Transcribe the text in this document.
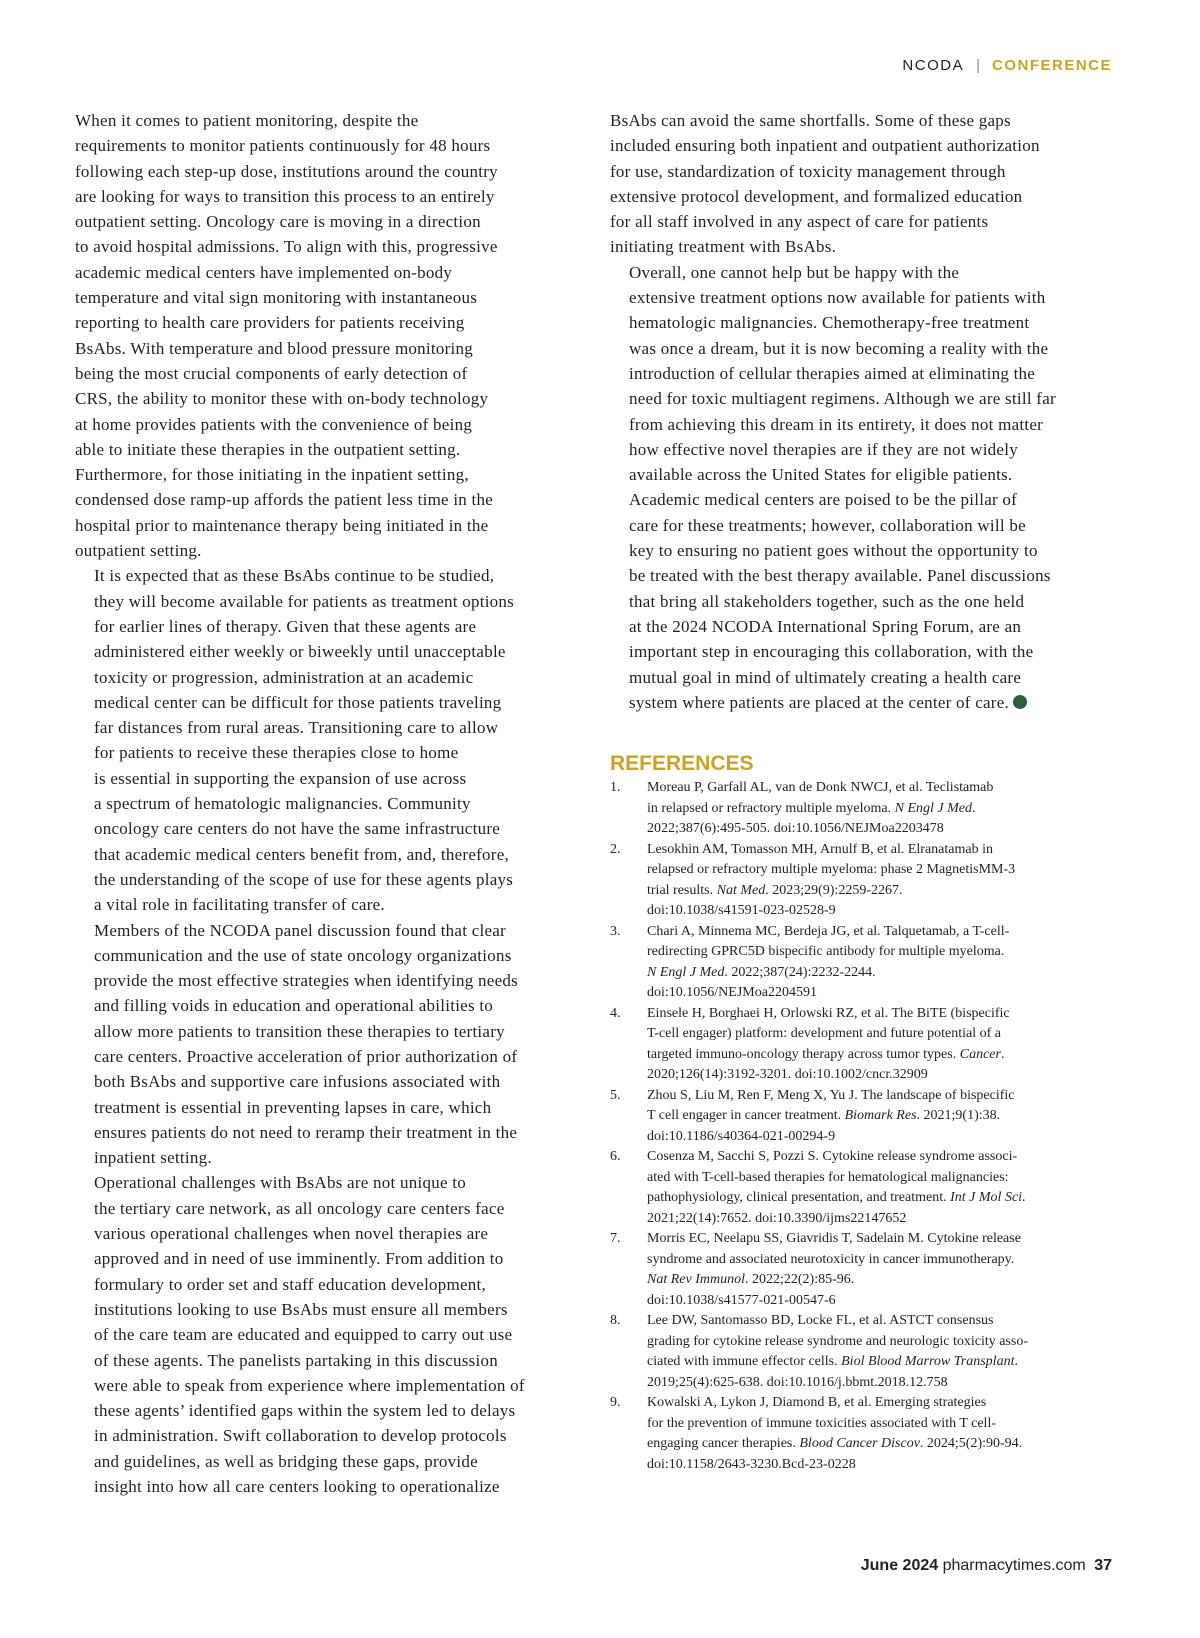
NCODA | CONFERENCE

When it comes to patient monitoring, despite the
requirements to monitor patients continuously for 48 hours
following each step-up dose, institutions around the country
are looking for ways to transition this process to an entirely
outpatient setting. Oncology care is moving in a direction
to avoid hospital admissions. To align with this, progressive
academic medical centers have implemented on-body
temperature and vital sign monitoring with instantaneous
reporting to health care providers for patients receiving
BsAbs. With temperature and blood pressure monitoring
being the most crucial components of early detection of
CRS, the ability to monitor these with on-body technology
at home provides patients with the convenience of being
able to initiate these therapies in the outpatient setting.
Furthermore, for those initiating in the inpatient setting,
condensed dose ramp-up affords the patient less time in the
hospital prior to maintenance therapy being initiated in the
outpatient setting.

It is expected that as these BsAbs continue to be studied,
they will become available for patients as treatment options
for earlier lines of therapy. Given that these agents are
administered either weekly or biweekly until unacceptable
toxicity or progression, administration at an academic
medical center can be difficult for those patients traveling
far distances from rural areas. Transitioning care to allow
for patients to receive these therapies close to home
is essential in supporting the expansion of use across
a spectrum of hematologic malignancies. Community
oncology care centers do not have the same infrastructure
that academic medical centers benefit from, and, therefore,
the understanding of the scope of use for these agents plays
a vital role in facilitating transfer of care.

Members of the NCODA panel discussion found that clear
communication and the use of state oncology organizations
provide the most effective strategies when identifying needs
and filling voids in education and operational abilities to
allow more patients to transition these therapies to tertiary
care centers. Proactive acceleration of prior authorization of
both BsAbs and supportive care infusions associated with
treatment is essential in preventing lapses in care, which
ensures patients do not need to reramp their treatment in the
inpatient setting.

Operational challenges with BsAbs are not unique to
the tertiary care network, as all oncology care centers face
various operational challenges when novel therapies are
approved and in need of use imminently. From addition to
formulary to order set and staff education development,
institutions looking to use BsAbs must ensure all members
of the care team are educated and equipped to carry out use
of these agents. The panelists partaking in this discussion
were able to speak from experience where implementation of
these agents’ identified gaps within the system led to delays
in administration. Swift collaboration to develop protocols
and guidelines, as well as bridging these gaps, provide
insight into how all care centers looking to operationalize

BsAbs can avoid the same shortfalls. Some of these gaps
included ensuring both inpatient and outpatient authorization
for use, standardization of toxicity management through
extensive protocol development, and formalized education
for all staff involved in any aspect of care for patients
initiating treatment with BsAbs.

Overall, one cannot help but be happy with the
extensive treatment options now available for patients with
hematologic malignancies. Chemotherapy-free treatment
was once a dream, but it is now becoming a reality with the
introduction of cellular therapies aimed at eliminating the
need for toxic multiagent regimens. Although we are still far
from achieving this dream in its entirety, it does not matter
how effective novel therapies are if they are not widely
available across the United States for eligible patients.

Academic medical centers are poised to be the pillar of
care for these treatments; however, collaboration will be
key to ensuring no patient goes without the opportunity to
be treated with the best therapy available. Panel discussions
that bring all stakeholders together, such as the one held
at the 2024 NCODA International Spring Forum, are an
important step in encouraging this collaboration, with the
mutual goal in mind of ultimately creating a health care
system where patients are placed at the center of care.

REFERENCES
1. Moreau P, Garfall AL, van de Donk NWCJ, et al. Teclistamab
in relapsed or refractory multiple myeloma. N Engl J Med.
2022;387(6):495-505. doi:10.1056/NEJMoa2203478
2. Lesokhin AM, Tomasson MH, Arnulf B, et al. Elranatamab in
relapsed or refractory multiple myeloma: phase 2 MagnetisMM-3
trial results. Nat Med. 2023;29(9):2259-2267.
doi:10.1038/s41591-023-02528-9
3. Chari A, Minnema MC, Berdeja JG, et al. Talquetamab, a T-cell-
redirecting GPRC5D bispecific antibody for multiple myeloma.
N Engl J Med. 2022;387(24):2232-2244.
doi:10.1056/NEJMoa2204591
4. Einsele H, Borghaei H, Orlowski RZ, et al. The BiTE (bispecific
T-cell engager) platform: development and future potential of a
targeted immuno-oncology therapy across tumor types. Cancer.
2020;126(14):3192-3201. doi:10.1002/cncr.32909
5. Zhou S, Liu M, Ren F, Meng X, Yu J. The landscape of bispecific
T cell engager in cancer treatment. Biomark Res. 2021;9(1):38.
doi:10.1186/s40364-021-00294-9
6. Cosenza M, Sacchi S, Pozzi S. Cytokine release syndrome associ-
ated with T-cell-based therapies for hematological malignancies:
pathophysiology, clinical presentation, and treatment. Int J Mol Sci.
2021;22(14):7652. doi:10.3390/ijms22147652
7. Morris EC, Neelapu SS, Giavridis T, Sadelain M. Cytokine release
syndrome and associated neurotoxicity in cancer immunotherapy.
Nat Rev Immunol. 2022;22(2):85-96.
doi:10.1038/s41577-021-00547-6
8. Lee DW, Santomasso BD, Locke FL, et al. ASTCT consensus
grading for cytokine release syndrome and neurologic toxicity asso-
ciated with immune effector cells. Biol Blood Marrow Transplant.
2019;25(4):625-638. doi:10.1016/j.bbmt.2018.12.758
9. Kowalski A, Lykon J, Diamond B, et al. Emerging strategies
for the prevention of immune toxicities associated with T cell-
engaging cancer therapies. Blood Cancer Discov. 2024;5(2):90-94.
doi:10.1158/2643-3230.Bcd-23-0228
June 2024 pharmacytimes.com 37
